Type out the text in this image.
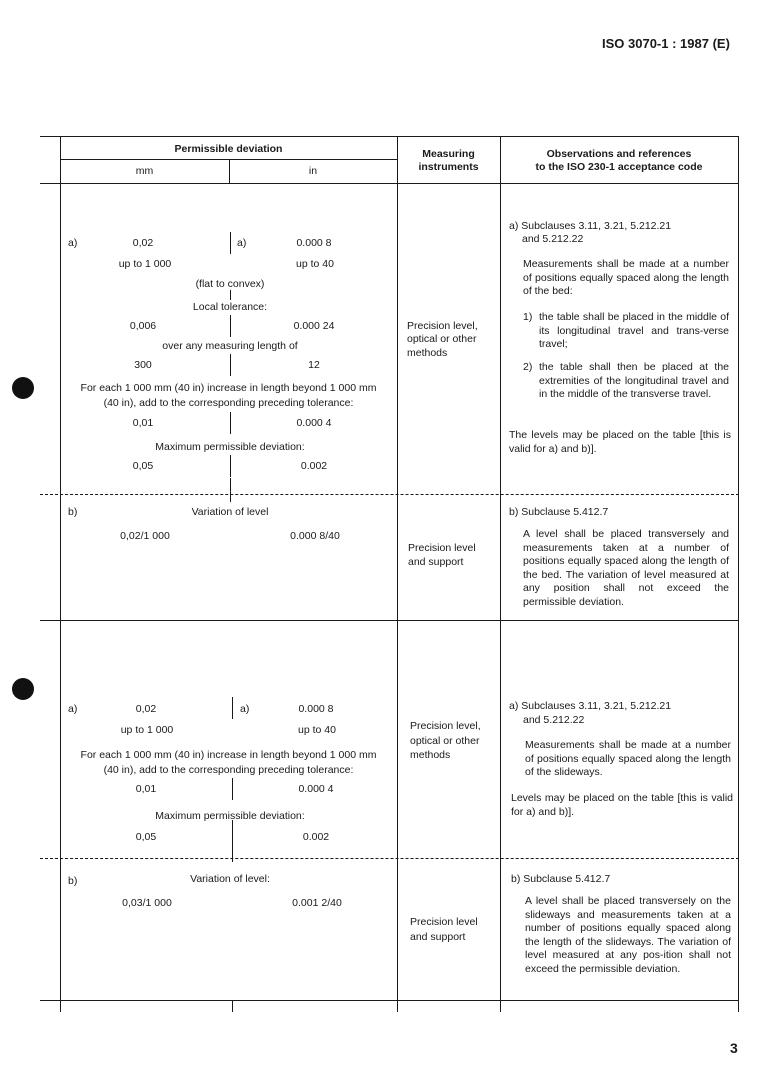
ISO 3070-1 : 1987 (E)
Permissible deviation
mm	in
Measuring
instruments
Observations and references
to the ISO 230-1 acceptance code
a)	0,02	a)	0.000 8
up to 1 000	up to 40
(flat to convex)
Local tolerance:
0,006	0.000 24
over any measuring length of
300	12
For each 1 000 mm (40 in) increase in length beyond 1 000 mm
(40 in), add to the corresponding preceding tolerance:
0,01	0.000 4
Maximum permissible deviation:
0,05	0.002
Precision level,
optical or other
methods
a) Subclauses 3.11, 3.21, 5.212.21
and 5.212.22
Measurements shall be made at a number of positions equally spaced along the length of the bed:
1) the table shall be placed in the middle of its longitudinal travel and trans-verse travel;
2) the table shall then be placed at the extremities of the longitudinal travel and in the middle of the transverse travel.
The levels may be placed on the table [this is valid for a) and b)].
b)	Variation of level
0,02/1 000	0.000 8/40
Precision level
and support
b) Subclause 5.412.7
A level shall be placed transversely and measurements taken at a number of positions equally spaced along the length of the bed. The variation of level measured at any position shall not exceed the permissible deviation.
a)	0,02	a)	0.000 8
up to 1 000	up to 40
For each 1 000 mm (40 in) increase in length beyond 1 000 mm
(40 in), add to the corresponding preceding tolerance:
0,01	0.000 4
Maximum permissible deviation:
0,05	0.002
Precision level,
optical or other
methods
a) Subclauses 3.11, 3.21, 5.212.21
and 5.212.22
Measurements shall be made at a number of positions equally spaced along the length of the slideways.
Levels may be placed on the table [this is valid for a) and b)].
b)	Variation of level:
0,03/1 000	0.001 2/40
Precision level
and support
b) Subclause 5.412.7
A level shall be placed transversely on the slideways and measurements taken at a number of positions equally spaced along the length of the slideways. The variation of level measured at any pos-ition shall not exceed the permissible deviation.
3
